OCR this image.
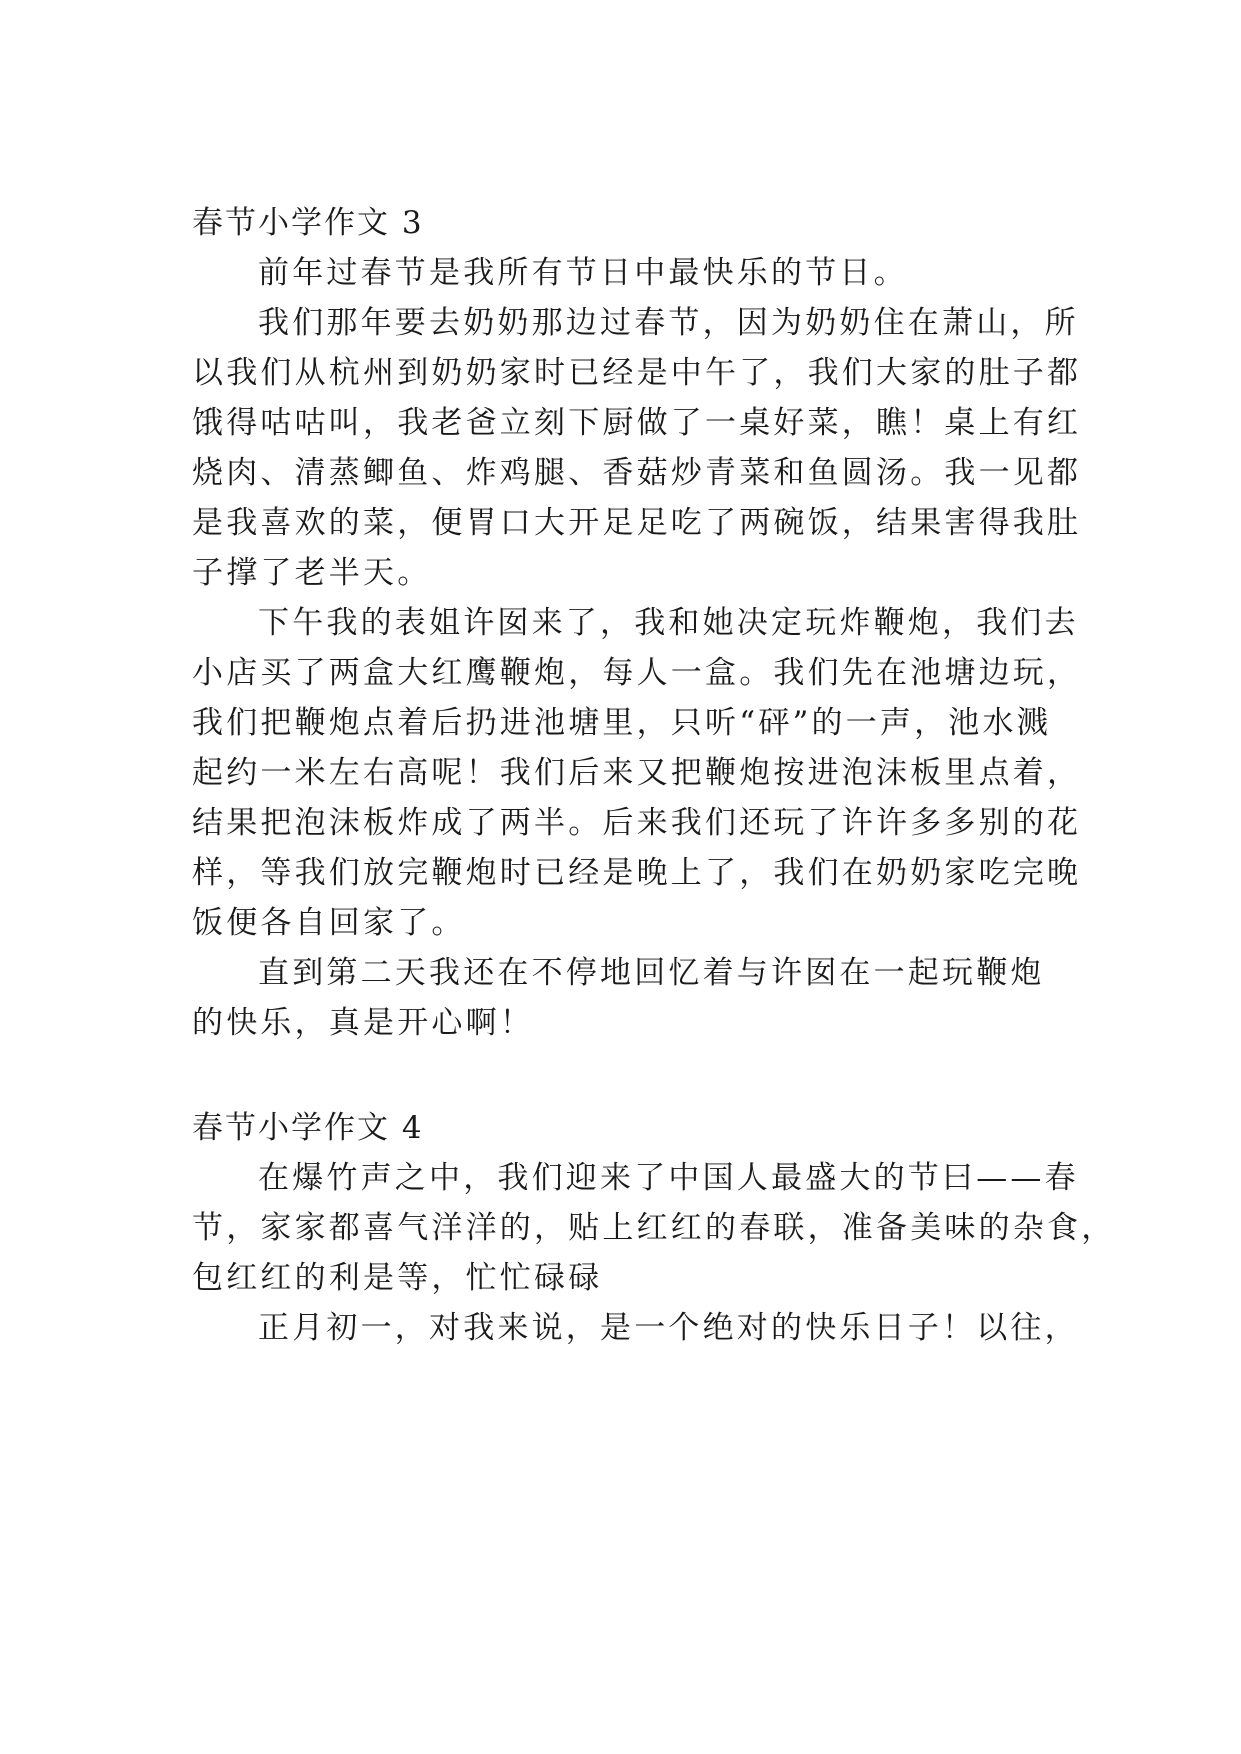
春节小学作文 3
前年过春节是我所有节日中最快乐的节日。
我们那年要去奶奶那边过春节，因为奶奶住在萧山，所
以我们从杭州到奶奶家时已经是中午了，我们大家的肚子都
饿得咕咕叫，我老爸立刻下厨做了一桌好菜，瞧！桌上有红
烧肉、清蒸鲫鱼、炸鸡腿、香菇炒青菜和鱼圆汤。我一见都
是我喜欢的菜，便胃口大开足足吃了两碗饭，结果害得我肚
子撑了老半天。
下午我的表姐许囡来了，我和她决定玩炸鞭炮，我们去
小店买了两盒大红鹰鞭炮，每人一盒。我们先在池塘边玩，
我们把鞭炮点着后扔进池塘里，只听“砰”的一声，池水溅
起约一米左右高呢！我们后来又把鞭炮按进泡沫板里点着，
结果把泡沫板炸成了两半。后来我们还玩了许许多多别的花
样，等我们放完鞭炮时已经是晚上了，我们在奶奶家吃完晚
饭便各自回家了。
直到第二天我还在不停地回忆着与许囡在一起玩鞭炮
的快乐，真是开心啊！
春节小学作文 4
在爆竹声之中，我们迎来了中国人最盛大的节曰——春
节，家家都喜气洋洋的，贴上红红的春联，准备美味的杂食，
包红红的利是等，忙忙碌碌
正月初一，对我来说，是一个绝对的快乐日子！以往，
